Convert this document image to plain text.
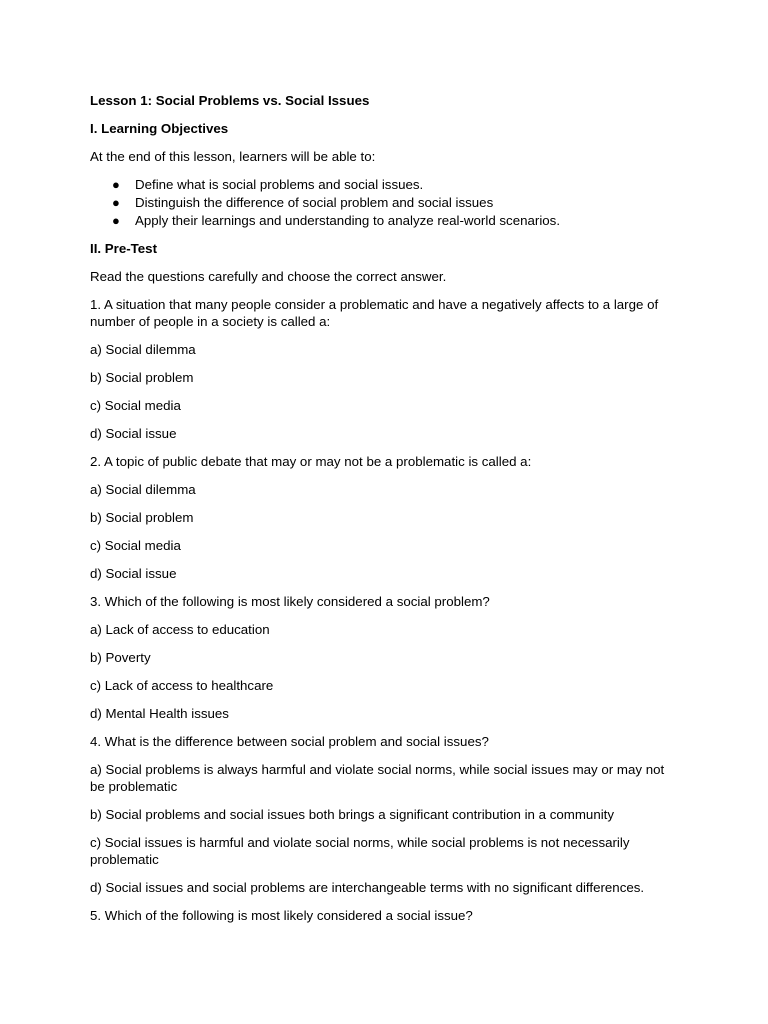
Lesson 1: Social Problems vs. Social Issues

I. Learning Objectives

At the end of this lesson, learners will be able to:

● Define what is social problems and social issues.
● Distinguish the difference of social problem and social issues
● Apply their learnings and understanding to analyze real-world scenarios.

II. Pre-Test

Read the questions carefully and choose the correct answer.

1. A situation that many people consider a problematic and have a negatively affects to a large of number of people in a society is called a:

a) Social dilemma

b) Social problem

c) Social media

d) Social issue

2. A topic of public debate that may or may not be a problematic is called a:

a) Social dilemma

b) Social problem

c) Social media

d) Social issue

3. Which of the following is most likely considered a social problem?

a) Lack of access to education

b) Poverty

c) Lack of access to healthcare

d) Mental Health issues

4. What is the difference between social problem and social issues?

a) Social problems is always harmful and violate social norms, while social issues may or may not be problematic

b) Social problems and social issues both brings a significant contribution in a community

c) Social issues is harmful and violate social norms, while social problems is not necessarily problematic

d) Social issues and social problems are interchangeable terms with no significant differences.

5. Which of the following is most likely considered a social issue?
